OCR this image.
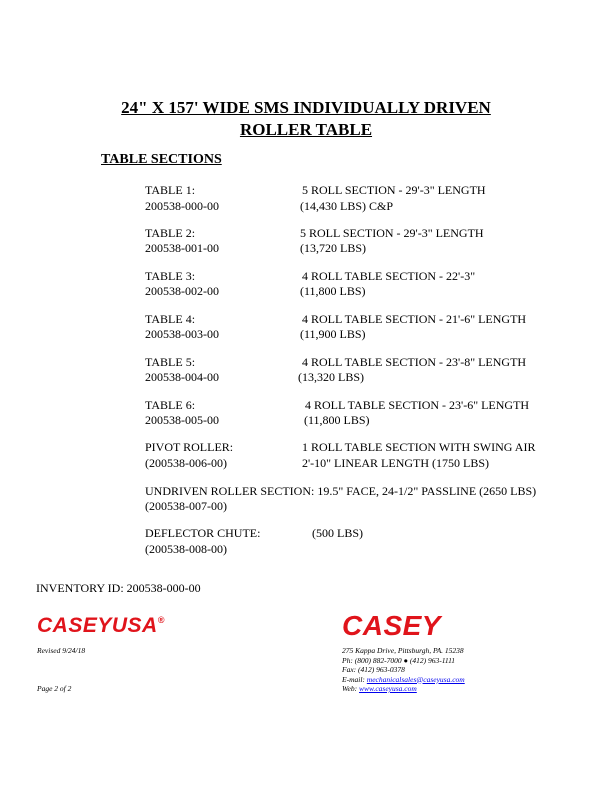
24" X 157' WIDE SMS INDIVIDUALLY DRIVEN
ROLLER TABLE
TABLE SECTIONS
TABLE 1:	5 ROLL SECTION - 29'-3" LENGTH
200538-000-00	(14,430 LBS) C&P
TABLE 2:	5 ROLL SECTION - 29'-3" LENGTH
200538-001-00	(13,720 LBS)
TABLE 3:	4 ROLL TABLE SECTION - 22'-3"
200538-002-00	(11,800 LBS)
TABLE 4:	4 ROLL TABLE SECTION - 21'-6" LENGTH
200538-003-00	(11,900 LBS)
TABLE 5:	4 ROLL TABLE SECTION - 23'-8" LENGTH
200538-004-00	(13,320 LBS)
TABLE 6:	4 ROLL TABLE SECTION - 23'-6" LENGTH
200538-005-00	(11,800 LBS)
PIVOT ROLLER:	1 ROLL TABLE SECTION WITH SWING AIR
(200538-006-00)	2'-10" LINEAR LENGTH (1750 LBS)
UNDRIVEN ROLLER SECTION: 19.5" FACE, 24-1/2" PASSLINE (2650 LBS)
(200538-007-00)
DEFLECTOR CHUTE:	(500 LBS)
(200538-008-00)
INVENTORY ID: 200538-000-00
CASEYUSA®	CASEY
Revised 9/24/18
Page 2 of 2
275 Kappa Drive, Pittsburgh, PA. 15238
Ph: (800) 882-7000 ● (412) 963-1111
Fax: (412) 963-0378
E-mail: mechanicalsales@caseyusa.com
Web: www.caseyusa.com
